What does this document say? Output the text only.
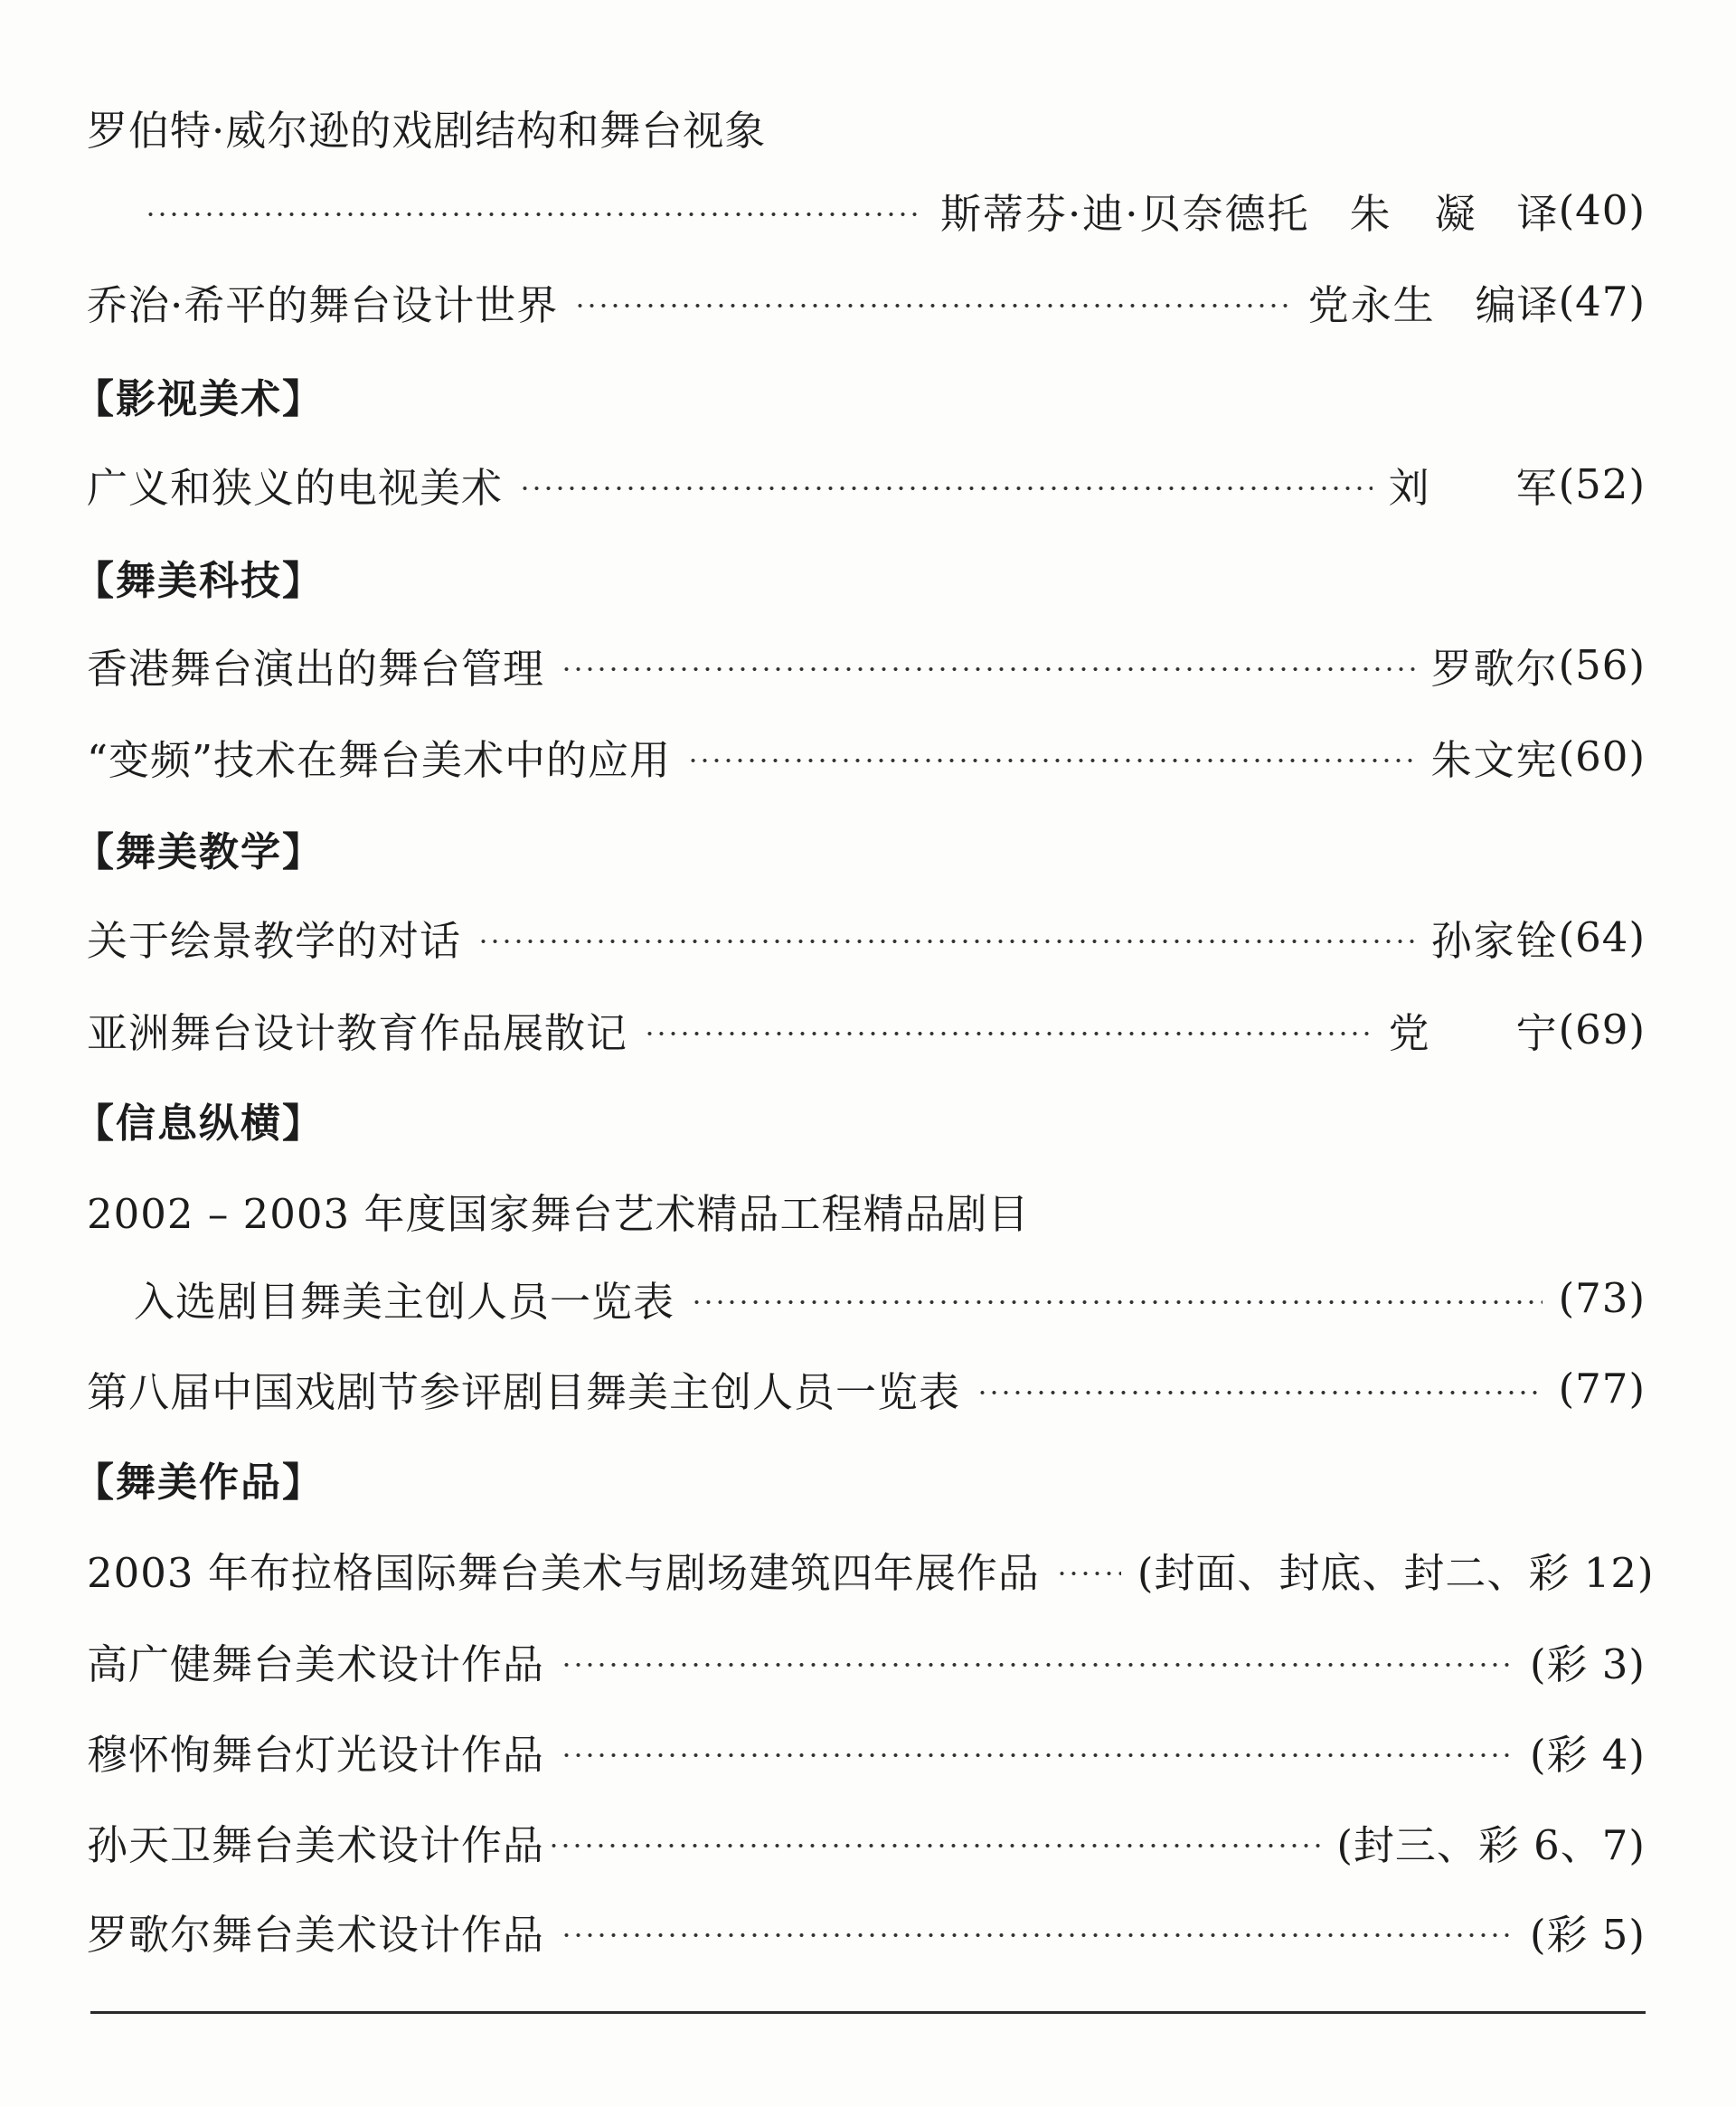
罗伯特·威尔逊的戏剧结构和舞台视象
斯蒂芬·迪·贝奈德托 朱　凝 译 (40)
乔治·希平的舞台设计世界	党永生 编译 (47)
【影视美术】
广义和狭义的电视美术	刘　　军 (52)
【舞美科技】
香港舞台演出的舞台管理	罗歌尔 (56)
“变频”技术在舞台美术中的应用	朱文宪 (60)
【舞美教学】
关于绘景教学的对话	孙家铨 (64)
亚洲舞台设计教育作品展散记	党　　宁 (69)
【信息纵横】
2002 – 2003 年度国家舞台艺术精品工程精品剧目
入选剧目舞美主创人员一览表	(73)
第八届中国戏剧节参评剧目舞美主创人员一览表	(77)
【舞美作品】
2003 年布拉格国际舞台美术与剧场建筑四年展作品 (封面、封底、封二、彩 12)
高广健舞台美术设计作品	(彩 3)
穆怀恂舞台灯光设计作品	(彩 4)
孙天卫舞台美术设计作品	(封三、彩 6、7)
罗歌尔舞台美术设计作品	(彩 5)
